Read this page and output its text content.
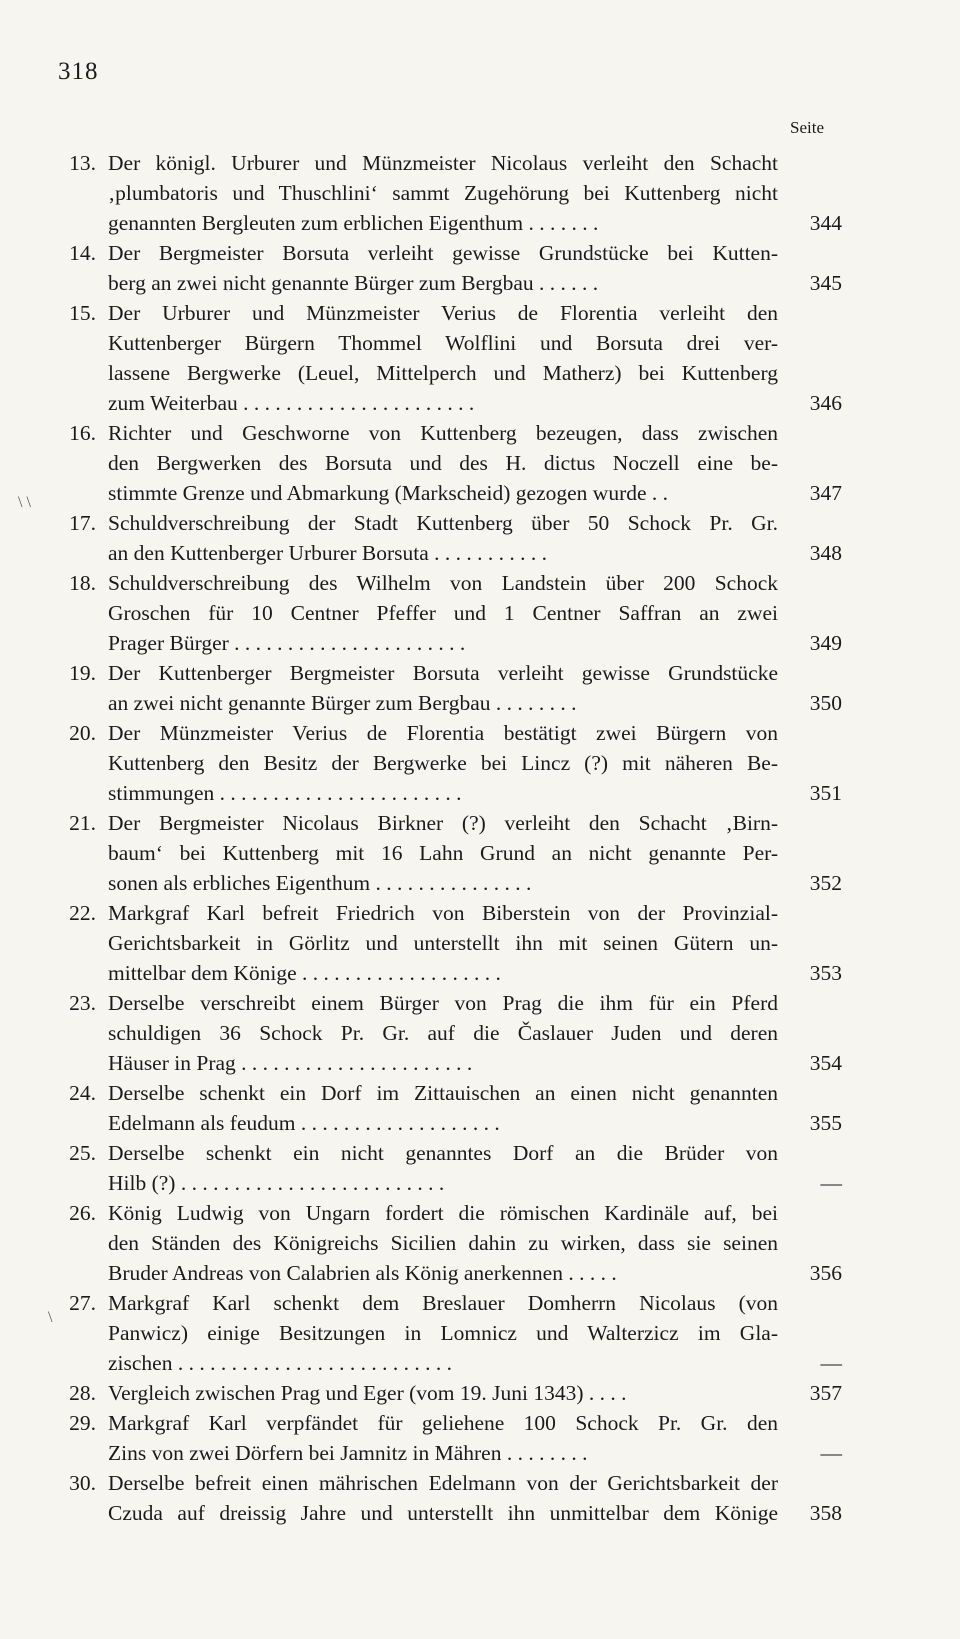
318
Seite
\ \
\
13. Der königl. Urburer und Münzmeister Nicolaus verleiht den Schacht
‚plumbatoris und Thuschlini‘ sammt Zugehörung bei Kuttenberg nicht
genannten Bergleuten zum erblichen Eigenthum . . . . . . .	344
14. Der Bergmeister Borsuta verleiht gewisse Grundstücke bei Kutten-
berg an zwei nicht genannte Bürger zum Bergbau . . . . . .	345
15. Der Urburer und Münzmeister Verius de Florentia verleiht den
Kuttenberger Bürgern Thommel Wolflini und Borsuta drei ver-
lassene Bergwerke (Leuel, Mittelperch und Matherz) bei Kuttenberg
zum Weiterbau . . . . . . . . . . . . . . . . . . . . . .	346
16. Richter und Geschworne von Kuttenberg bezeugen, dass zwischen
den Bergwerken des Borsuta und des H. dictus Noczell eine be-
stimmte Grenze und Abmarkung (Markscheid) gezogen wurde . .	347
17. Schuldverschreibung der Stadt Kuttenberg über 50 Schock Pr. Gr.
an den Kuttenberger Urburer Borsuta . . . . . . . . . . .	348
18. Schuldverschreibung des Wilhelm von Landstein über 200 Schock
Groschen für 10 Centner Pfeffer und 1 Centner Saffran an zwei
Prager Bürger . . . . . . . . . . . . . . . . . . . . . .	349
19. Der Kuttenberger Bergmeister Borsuta verleiht gewisse Grundstücke
an zwei nicht genannte Bürger zum Bergbau . . . . . . . .	350
20. Der Münzmeister Verius de Florentia bestätigt zwei Bürgern von
Kuttenberg den Besitz der Bergwerke bei Lincz (?) mit näheren Be-
stimmungen . . . . . . . . . . . . . . . . . . . . . . .	351
21. Der Bergmeister Nicolaus Birkner (?) verleiht den Schacht ‚Birn-
baum‘ bei Kuttenberg mit 16 Lahn Grund an nicht genannte Per-
sonen als erbliches Eigenthum . . . . . . . . . . . . . . .	352
22. Markgraf Karl befreit Friedrich von Biberstein von der Provinzial-
Gerichtsbarkeit in Görlitz und unterstellt ihn mit seinen Gütern un-
mittelbar dem Könige . . . . . . . . . . . . . . . . . . .	353
23. Derselbe verschreibt einem Bürger von Prag die ihm für ein Pferd
schuldigen 36 Schock Pr. Gr. auf die Časlauer Juden und deren
Häuser in Prag . . . . . . . . . . . . . . . . . . . . . .	354
24. Derselbe schenkt ein Dorf im Zittauischen an einen nicht genannten
Edelmann als feudum . . . . . . . . . . . . . . . . . . .	355
25. Derselbe schenkt ein nicht genanntes Dorf an die Brüder von
Hilb (?) . . . . . . . . . . . . . . . . . . . . . . . . .	—
26. König Ludwig von Ungarn fordert die römischen Kardinäle auf, bei
den Ständen des Königreichs Sicilien dahin zu wirken, dass sie seinen
Bruder Andreas von Calabrien als König anerkennen . . . . .	356
27. Markgraf Karl schenkt dem Breslauer Domherrn Nicolaus (von
Panwicz) einige Besitzungen in Lomnicz und Walterzicz im Gla-
zischen . . . . . . . . . . . . . . . . . . . . . . . . . .	—
28. Vergleich zwischen Prag und Eger (vom 19. Juni 1343) . . . .	357
29. Markgraf Karl verpfändet für geliehene 100 Schock Pr. Gr. den
Zins von zwei Dörfern bei Jamnitz in Mähren . . . . . . . .	—
30. Derselbe befreit einen mährischen Edelmann von der Gerichtsbarkeit der
Czuda auf dreissig Jahre und unterstellt ihn unmittelbar dem Könige	358
